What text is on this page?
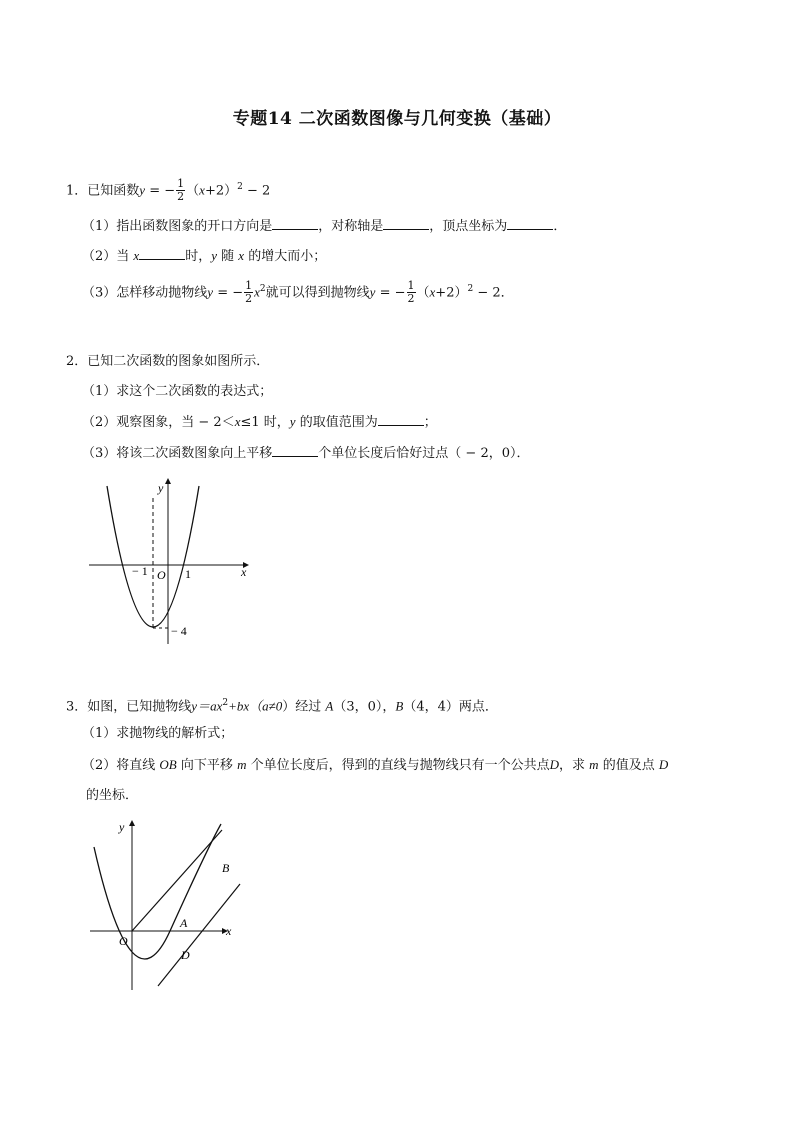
专题14 二次函数图像与几何变换（基础）
1．已知函数y = − $\frac{1}{2} (x+2)^2 - 2$
（1）指出函数图象的开口方向是	，对称轴是	，顶点坐标为	．
（2）当 x	时，y 随 x 的增大而小；
（3）怎样移动抛物线y = − $\frac{1}{2} x^2$就可以得到抛物线y = − $\frac{1}{2} (x+2)^2 - 2$．
2．已知二次函数的图象如图所示．
（1）求这个二次函数的表达式；
（2）观察图象，当 − 2＜x≤1 时，y 的取值范围为	；
（3）将该二次函数图象向上平移	个单位长度后恰好过点（ − 2，0）．
y
x
O
− 1	1
− 4
3．如图，已知抛物线$y=ax^2+bx(a\ne 0)$经过 A（3，0），B（4，4）两点．
（1）求抛物线的解析式；
（2）将直线 OB 向下平移 m 个单位长度后，得到的直线与抛物线只有一个公共点D，求 m 的值及点 D
的坐标．
y
x
O
A
B
D
